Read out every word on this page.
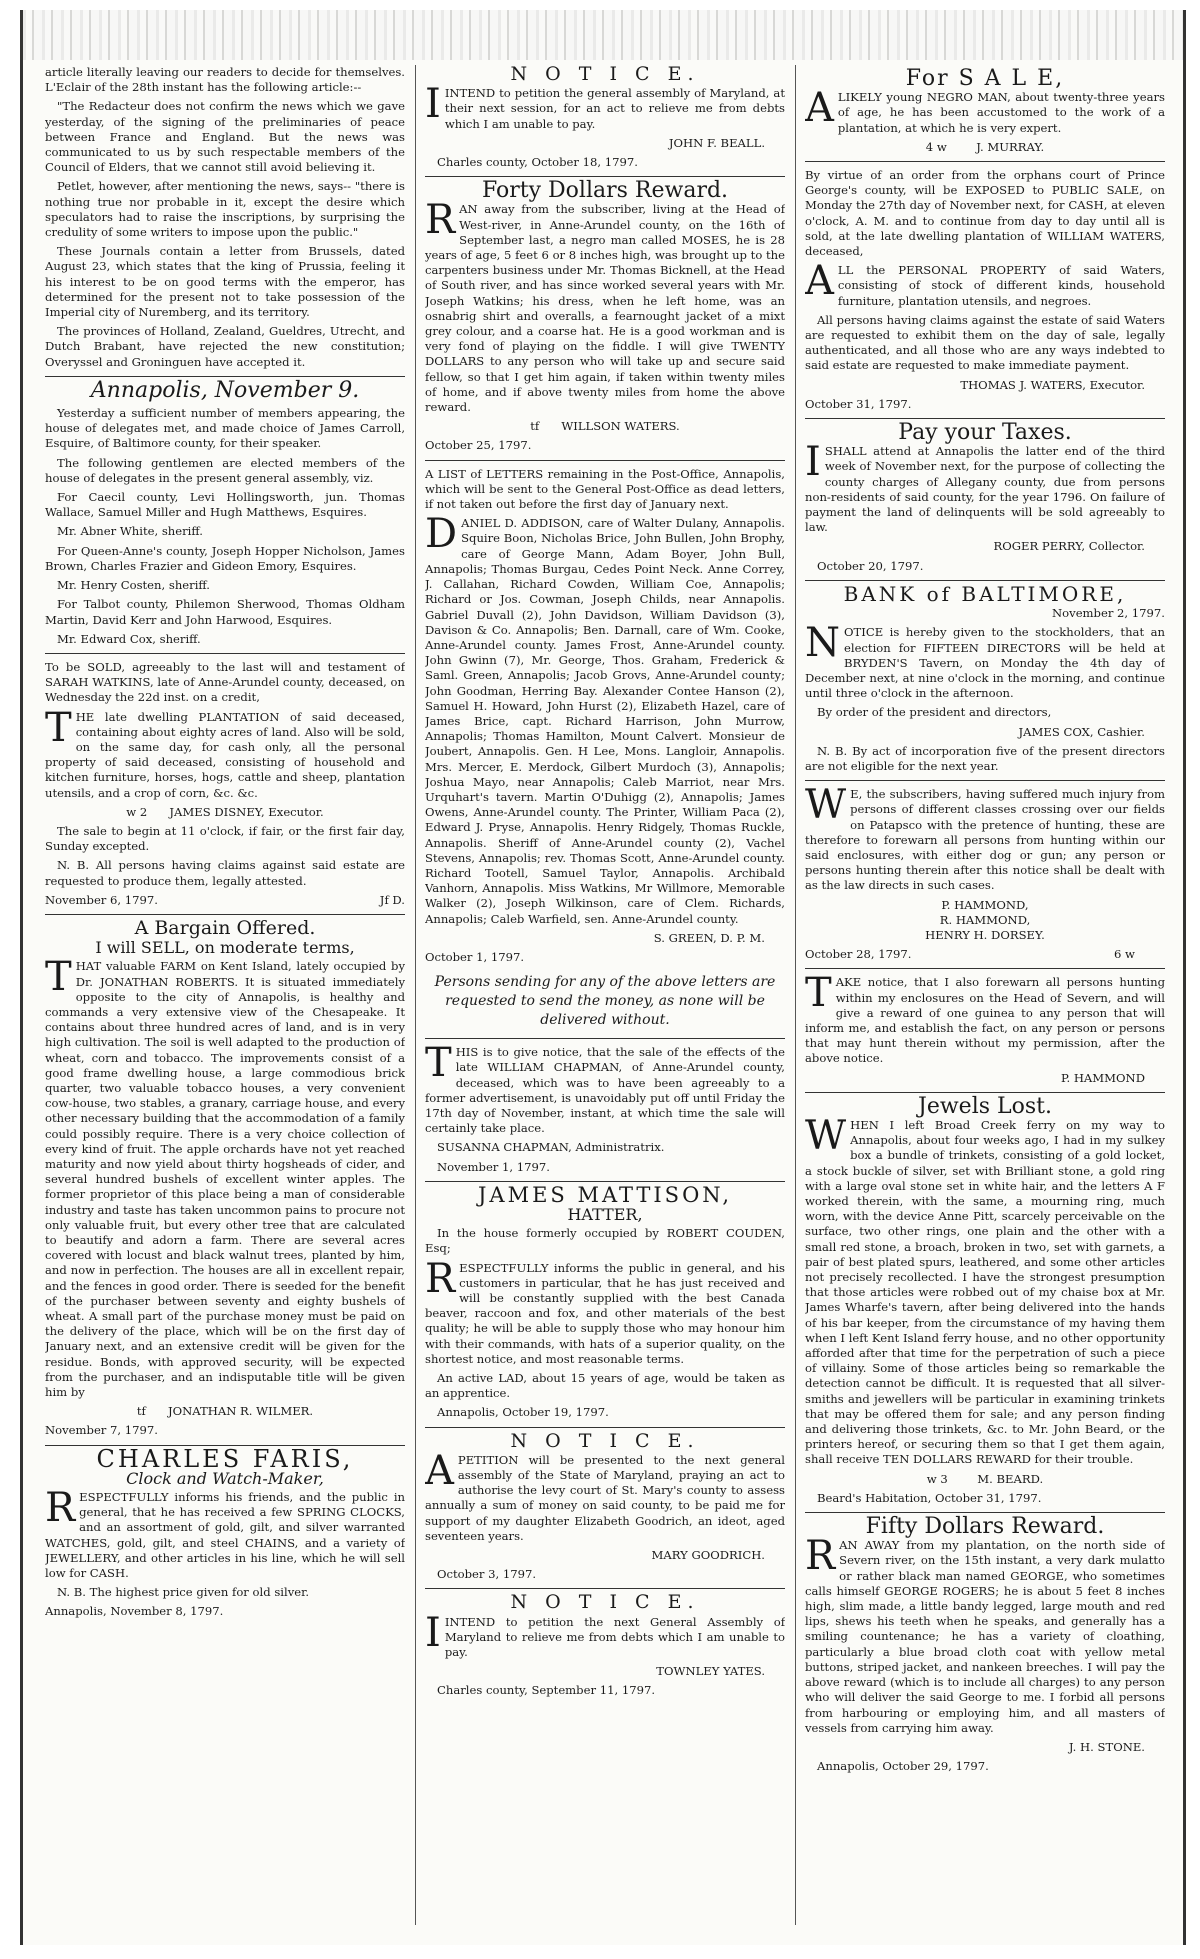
article literally leaving our readers to decide for themselves. L'Eclair of the 28th instant has the following article:--

"The Redacteur does not confirm the news which we gave yesterday, of the signing of the preliminaries of peace between France and England. But the news was communicated to us by such respectable members of the Council of Elders, that we cannot still avoid believing it.

Petlet, however, after mentioning the news, says-- "there is nothing true nor probable in it, except the desire which speculators had to raise the inscriptions, by surprising the credulity of some writers to impose upon the public."

These Journals contain a letter from Brussels, dated August 23, which states that the king of Prussia, feeling it his interest to be on good terms with the emperor, has determined for the present not to take possession of the Imperial city of Nuremberg, and its territory.

The provinces of Holland, Zealand, Gueldres, Utrecht, and Dutch Brabant, have rejected the new constitution; Overyssel and Groninguen have accepted it.

Annapolis, November 9.

Yesterday a sufficient number of members appearing, the house of delegates met, and made choice of James Carroll, Esquire, of Baltimore county, for their speaker.

The following gentlemen are elected members of the house of delegates in the present general assembly, viz.

For Caecil county, Levi Hollingsworth, jun. Thomas Wallace, Samuel Miller and Hugh Matthews, Esquires.

Mr. Abner White, sheriff.

For Queen-Anne's county, Joseph Hopper Nicholson, James Brown, Charles Frazier and Gideon Emory, Esquires.

Mr. Henry Costen, sheriff.

For Talbot county, Philemon Sherwood, Thomas Oldham Martin, David Kerr and John Harwood, Esquires.

Mr. Edward Cox, sheriff.

To be SOLD, agreeably to the last will and testament of SARAH WATKINS, late of Anne-Arundel county, deceased, on Wednesday the 22d inst. on a credit,

THE late dwelling PLANTATION of said deceased, containing about eighty acres of land. Also will be sold, on the same day, for cash only, all the personal property of said deceased, consisting of household and kitchen furniture, horses, hogs, cattle and sheep, plantation utensils, and a crop of corn, &c. &c.

w 2 JAMES DISNEY, Executor.

The sale to begin at 11 o'clock, if fair, or the first fair day, Sunday excepted.

N. B. All persons having claims against said estate are requested to produce them, legally attested.

November 6, 1797.	Jf D.

A Bargain Offered.
I will SELL, on moderate terms,

THAT valuable FARM on Kent Island, lately occupied by Dr. JONATHAN ROBERTS. It is situated immediately opposite to the city of Annapolis, is healthy and commands a very extensive view of the Chesapeake. It contains about three hundred acres of land, and is in very high cultivation. The soil is well adapted to the production of wheat, corn and tobacco. The improvements consist of a good frame dwelling house, a large commodious brick quarter, two valuable tobacco houses, a very convenient cow-house, two stables, a granary, carriage house, and every other necessary building that the accommodation of a family could possibly require. There is a very choice collection of every kind of fruit. The apple orchards have not yet reached maturity and now yield about thirty hogsheads of cider, and several hundred bushels of excellent winter apples. The former proprietor of this place being a man of considerable industry and taste has taken uncommon pains to procure not only valuable fruit, but every other tree that are calculated to beautify and adorn a farm. There are several acres covered with locust and black walnut trees, planted by him, and now in perfection. The houses are all in excellent repair, and the fences in good order. There is seeded for the benefit of the purchaser between seventy and eighty bushels of wheat. A small part of the purchase money must be paid on the delivery of the place, which will be on the first day of January next, and an extensive credit will be given for the residue. Bonds, with approved security, will be expected from the purchaser, and an indisputable title will be given him by

tf JONATHAN R. WILMER.

November 7, 1797.

CHARLES FARIS,
Clock and Watch-Maker,

RESPECTFULLY informs his friends, and the public in general, that he has received a few SPRING CLOCKS, and an assortment of gold, gilt, and silver warranted WATCHES, gold, gilt, and steel CHAINS, and a variety of JEWELLERY, and other articles in his line, which he will sell low for CASH.

N. B. The highest price given for old silver.

Annapolis, November 8, 1797.

N O T I C E.

IINTEND to petition the general assembly of Maryland, at their next session, for an act to relieve me from debts which I am unable to pay.

JOHN F. BEALL.

Charles county, October 18, 1797.

Forty Dollars Reward.

RAN away from the subscriber, living at the Head of West-river, in Anne-Arundel county, on the 16th of September last, a negro man called MOSES, he is 28 years of age, 5 feet 6 or 8 inches high, was brought up to the carpenters business under Mr. Thomas Bicknell, at the Head of South river, and has since worked several years with Mr. Joseph Watkins; his dress, when he left home, was an osnabrig shirt and overalls, a fearnought jacket of a mixt grey colour, and a coarse hat. He is a good workman and is very fond of playing on the fiddle. I will give TWENTY DOLLARS to any person who will take up and secure said fellow, so that I get him again, if taken within twenty miles of home, and if above twenty miles from home the above reward.

tf WILLSON WATERS.

October 25, 1797.

A LIST of LETTERS remaining in the Post-Office, Annapolis, which will be sent to the General Post-Office as dead letters, if not taken out before the first day of January next.

DANIEL D. ADDISON, care of Walter Dulany, Annapolis. Squire Boon, Nicholas Brice, John Bullen, John Brophy, care of George Mann, Adam Boyer, John Bull, Annapolis; Thomas Burgau, Cedes Point Neck. Anne Correy, J. Callahan, Richard Cowden, William Coe, Annapolis; Richard or Jos. Cowman, Joseph Childs, near Annapolis. Gabriel Duvall (2), John Davidson, William Davidson (3), Davison & Co. Annapolis; Ben. Darnall, care of Wm. Cooke, Anne-Arundel county. James Frost, Anne-Arundel county. John Gwinn (7), Mr. George, Thos. Graham, Frederick & Saml. Green, Annapolis; Jacob Grovs, Anne-Arundel county; John Goodman, Herring Bay. Alexander Contee Hanson (2), Samuel H. Howard, John Hurst (2), Elizabeth Hazel, care of James Brice, capt. Richard Harrison, John Murrow, Annapolis; Thomas Hamilton, Mount Calvert. Monsieur de Joubert, Annapolis. Gen. H Lee, Mons. Langloir, Annapolis. Mrs. Mercer, E. Merdock, Gilbert Murdoch (3), Annapolis; Joshua Mayo, near Annapolis; Caleb Marriot, near Mrs. Urquhart's tavern. Martin O'Duhigg (2), Annapolis; James Owens, Anne-Arundel county. The Printer, William Paca (2), Edward J. Pryse, Annapolis. Henry Ridgely, Thomas Ruckle, Annapolis. Sheriff of Anne-Arundel county (2), Vachel Stevens, Annapolis; rev. Thomas Scott, Anne-Arundel county. Richard Tootell, Samuel Taylor, Annapolis. Archibald Vanhorn, Annapolis. Miss Watkins, Mr Willmore, Memorable Walker (2), Joseph Wilkinson, care of Clem. Richards, Annapolis; Caleb Warfield, sen. Anne-Arundel county.

S. GREEN, D. P. M.

October 1, 1797.

Persons sending for any of the above letters are requested to send the money, as none will be delivered without.

THIS is to give notice, that the sale of the effects of the late WILLIAM CHAPMAN, of Anne-Arundel county, deceased, which was to have been agreeably to a former advertisement, is unavoidably put off until Friday the 17th day of November, instant, at which time the sale will certainly take place.

SUSANNA CHAPMAN, Administratrix.

November 1, 1797.

JAMES MATTISON,
HATTER,

In the house formerly occupied by ROBERT COUDEN, Esq;

RESPECTFULLY informs the public in general, and his customers in particular, that he has just received and will be constantly supplied with the best Canada beaver, raccoon and fox, and other materials of the best quality; he will be able to supply those who may honour him with their commands, with hats of a superior quality, on the shortest notice, and most reasonable terms.

An active LAD, about 15 years of age, would be taken as an apprentice.

Annapolis, October 19, 1797.

N O T I C E.

APETITION will be presented to the next general assembly of the State of Maryland, praying an act to authorise the levy court of St. Mary's county to assess annually a sum of money on said county, to be paid me for support of my daughter Elizabeth Goodrich, an ideot, aged seventeen years.

MARY GOODRICH.

October 3, 1797.

N O T I C E.

IINTEND to petition the next General Assembly of Maryland to relieve me from debts which I am unable to pay.

TOWNLEY YATES.

Charles county, September 11, 1797.

For S A L E,

ALIKELY young NEGRO MAN, about twenty-three years of age, he has been accustomed to the work of a plantation, at which he is very expert.

4 w	J. MURRAY.

By virtue of an order from the orphans court of Prince George's county, will be EXPOSED to PUBLIC SALE, on Monday the 27th day of November next, for CASH, at eleven o'clock, A. M. and to continue from day to day until all is sold, at the late dwelling plantation of WILLIAM WATERS, deceased,

ALL the PERSONAL PROPERTY of said Waters, consisting of stock of different kinds, household furniture, plantation utensils, and negroes.

All persons having claims against the estate of said Waters are requested to exhibit them on the day of sale, legally authenticated, and all those who are any ways indebted to said estate are requested to make immediate payment.

THOMAS J. WATERS, Executor.

October 31, 1797.

Pay your Taxes.

ISHALL attend at Annapolis the latter end of the third week of November next, for the purpose of collecting the county charges of Allegany county, due from persons non-residents of said county, for the year 1796. On failure of payment the land of delinquents will be sold agreeably to law.

ROGER PERRY, Collector.

October 20, 1797.

BANK of BALTIMORE,

November 2, 1797.

NOTICE is hereby given to the stockholders, that an election for FIFTEEN DIRECTORS will be held at BRYDEN'S Tavern, on Monday the 4th day of December next, at nine o'clock in the morning, and continue until three o'clock in the afternoon.

By order of the president and directors,

JAMES COX, Cashier.

N. B. By act of incorporation five of the present directors are not eligible for the next year.

WE, the subscribers, having suffered much injury from persons of different classes crossing over our fields on Patapsco with the pretence of hunting, these are therefore to forewarn all persons from hunting within our said enclosures, with either dog or gun; any person or persons hunting therein after this notice shall be dealt with as the law directs in such cases.

P. HAMMOND,

R. HAMMOND,

HENRY H. DORSEY.

October 28, 1797.	6 w

TAKE notice, that I also forewarn all persons hunting within my enclosures on the Head of Severn, and will give a reward of one guinea to any person that will inform me, and establish the fact, on any person or persons that may hunt therein without my permission, after the above notice.

P. HAMMOND

Jewels Lost.

WHEN I left Broad Creek ferry on my way to Annapolis, about four weeks ago, I had in my sulkey box a bundle of trinkets, consisting of a gold locket, a stock buckle of silver, set with Brilliant stone, a gold ring with a large oval stone set in white hair, and the letters A F worked therein, with the same, a mourning ring, much worn, with the device Anne Pitt, scarcely perceivable on the surface, two other rings, one plain and the other with a small red stone, a broach, broken in two, set with garnets, a pair of best plated spurs, leathered, and some other articles not precisely recollected. I have the strongest presumption that those articles were robbed out of my chaise box at Mr. James Wharfe's tavern, after being delivered into the hands of his bar keeper, from the circumstance of my having them when I left Kent Island ferry house, and no other opportunity afforded after that time for the perpetration of such a piece of villainy. Some of those articles being so remarkable the detection cannot be difficult. It is requested that all silver-smiths and jewellers will be particular in examining trinkets that may be offered them for sale; and any person finding and delivering those trinkets, &c. to Mr. John Beard, or the printers hereof, or securing them so that I get them again, shall receive TEN DOLLARS REWARD for their trouble.

w 3	M. BEARD.

Beard's Habitation, October 31, 1797.

Fifty Dollars Reward.

RAN AWAY from my plantation, on the north side of Severn river, on the 15th instant, a very dark mulatto or rather black man named GEORGE, who sometimes calls himself GEORGE ROGERS; he is about 5 feet 8 inches high, slim made, a little bandy legged, large mouth and red lips, shews his teeth when he speaks, and generally has a smiling countenance; he has a variety of cloathing, particularly a blue broad cloth coat with yellow metal buttons, striped jacket, and nankeen breeches. I will pay the above reward (which is to include all charges) to any person who will deliver the said George to me. I forbid all persons from harbouring or employing him, and all masters of vessels from carrying him away.

J. H. STONE.

Annapolis, October 29, 1797.
